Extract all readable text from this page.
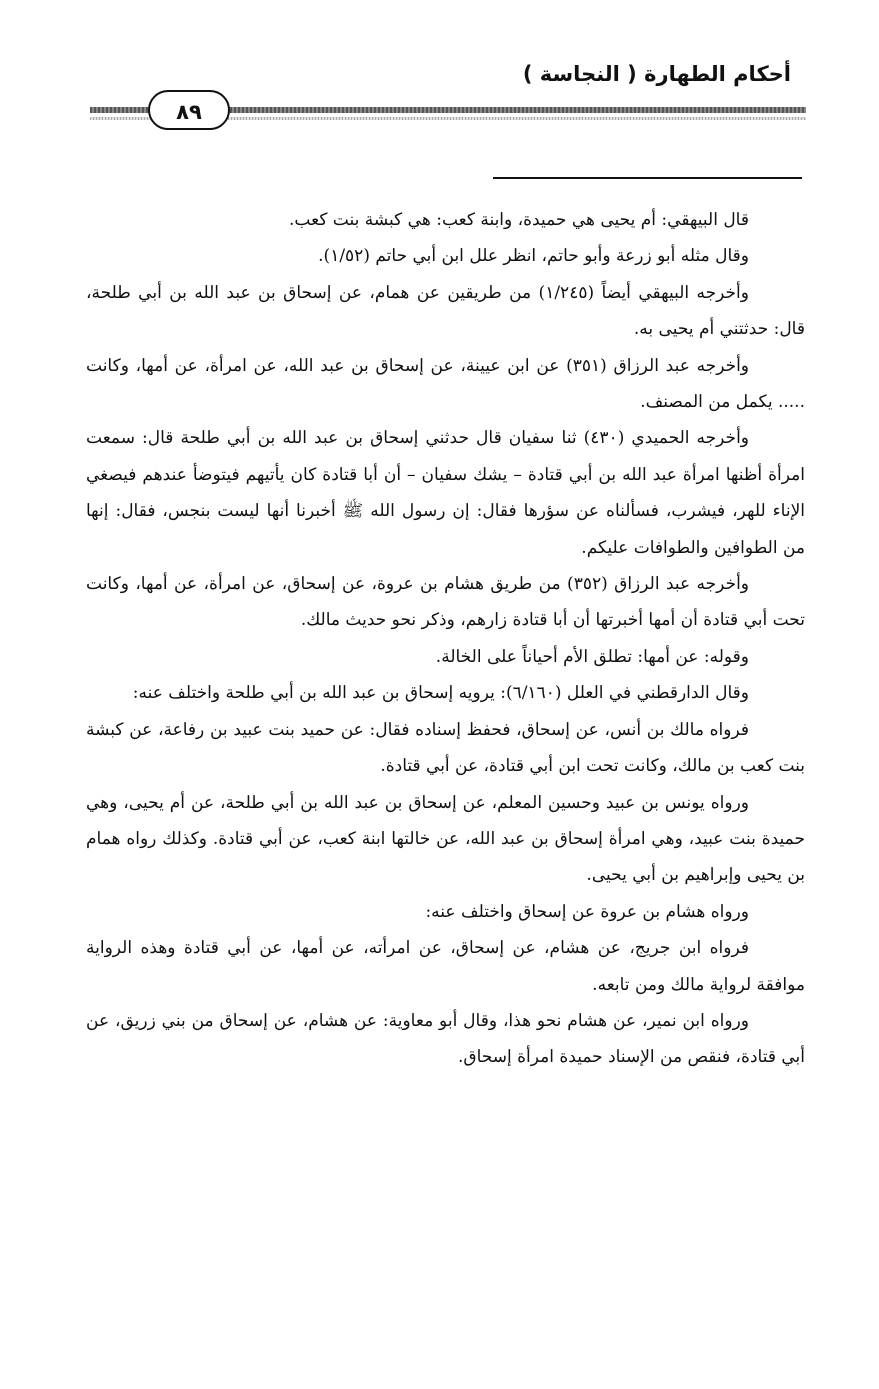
أحكام الطهارة ( النجاسة )
٨٩

قال البيهقي: أم يحيى هي حميدة، وابنة كعب: هي كبشة بنت كعب.

وقال مثله أبو زرعة وأبو حاتم، انظر علل ابن أبي حاتم (١/٥٢).

وأخرجه البيهقي أيضاً (١/٢٤٥) من طريقين عن همام، عن إسحاق بن عبد الله بن أبي طلحة، قال: حدثتني أم يحيى به.

وأخرجه عبد الرزاق (٣٥١) عن ابن عيينة، عن إسحاق بن عبد الله، عن امرأة، عن أمها، وكانت ..... يكمل من المصنف.

وأخرجه الحميدي (٤٣٠) ثنا سفيان قال حدثني إسحاق بن عبد الله بن أبي طلحة قال: سمعت امرأة أظنها امرأة عبد الله بن أبي قتادة – يشك سفيان – أن أبا قتادة كان يأتيهم فيتوضأ عندهم فيصغي الإناء للهر، فيشرب، فسألناه عن سؤرها فقال: إن رسول الله ﷺ أخبرنا أنها ليست بنجس، فقال: إنها من الطوافين والطوافات عليكم.

وأخرجه عبد الرزاق (٣٥٢) من طريق هشام بن عروة، عن إسحاق، عن امرأة، عن أمها، وكانت تحت أبي قتادة أن أمها أخبرتها أن أبا قتادة زارهم، وذكر نحو حديث مالك.

وقوله: عن أمها: تطلق الأم أحياناً على الخالة.

وقال الدارقطني في العلل (٦/١٦٠): يرويه إسحاق بن عبد الله بن أبي طلحة واختلف عنه:

فرواه مالك بن أنس، عن إسحاق، فحفظ إسناده فقال: عن حميد بنت عبيد بن رفاعة، عن كبشة بنت كعب بن مالك، وكانت تحت ابن أبي قتادة، عن أبي قتادة.

ورواه يونس بن عبيد وحسين المعلم، عن إسحاق بن عبد الله بن أبي طلحة، عن أم يحيى، وهي حميدة بنت عبيد، وهي امرأة إسحاق بن عبد الله، عن خالتها ابنة كعب، عن أبي قتادة. وكذلك رواه همام بن يحيى وإبراهيم بن أبي يحيى.

ورواه هشام بن عروة عن إسحاق واختلف عنه:

فرواه ابن جريج، عن هشام، عن إسحاق، عن امرأته، عن أمها، عن أبي قتادة وهذه الرواية موافقة لرواية مالك ومن تابعه.

ورواه ابن نمير، عن هشام نحو هذا، وقال أبو معاوية: عن هشام، عن إسحاق من بني زريق، عن أبي قتادة، فنقص من الإسناد حميدة امرأة إسحاق.
